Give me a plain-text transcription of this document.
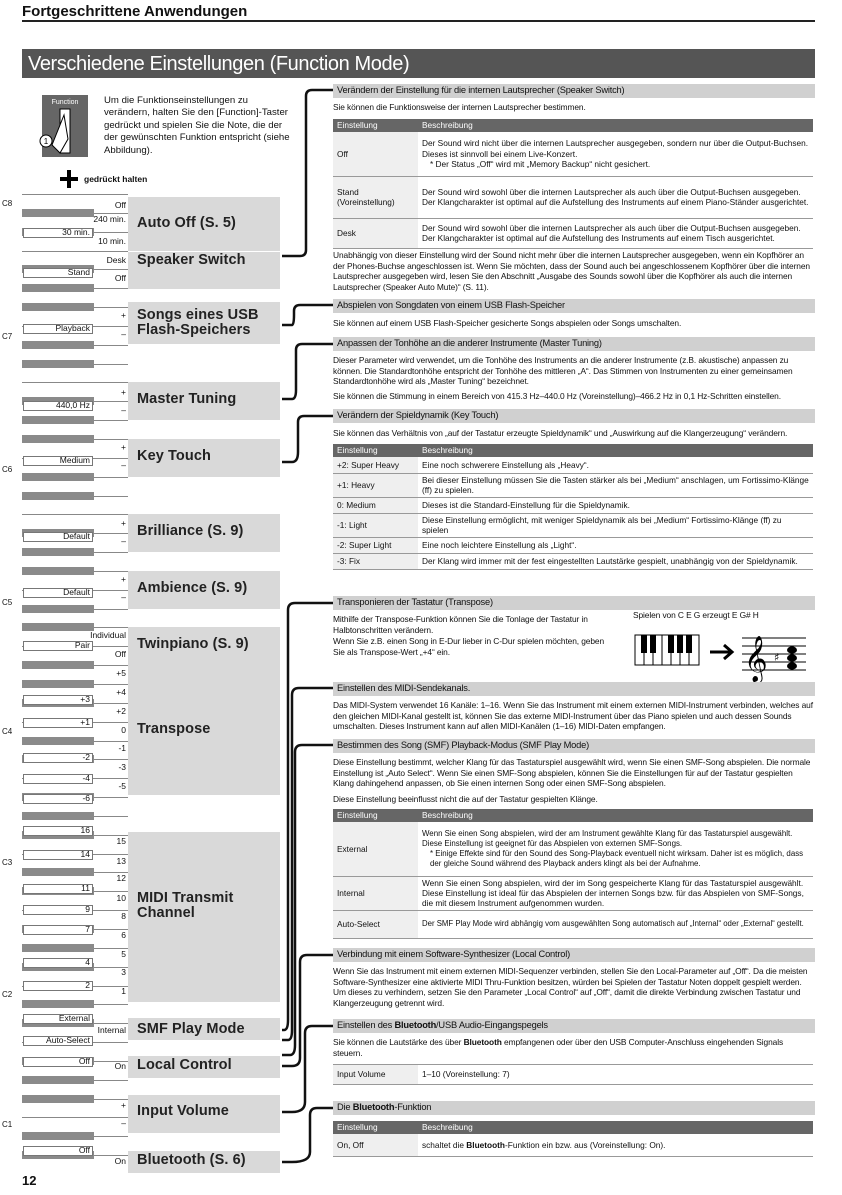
Fortgeschrittene Anwendungen
Verschiedene Einstellungen (Function Mode)
Function
1
Um die Funktionseinstellungen zu verändern, halten Sie den [Function]-Taster gedrückt und spielen Sie die Note, die der der gewünschten Funktion entspricht (siehe Abbildung).
gedrückt halten
C8
C7
C6
C5
C4
C3
C2
C1
Auto Off (S. 5)
Speaker Switch
Songs eines USB Flash-Speichers
Master Tuning
Key Touch
Brilliance (S. 9)
Ambience (S. 9)
Twinpiano (S. 9)
Transpose
MIDI Transmit Channel
SMF Play Mode
Local Control
Input Volume
Bluetooth (S. 6)
Off
240 min.
30 min.
10 min.
Desk
Stand
Off
+
Playback
–
+
440,0 Hz	–
+
Medium	–
+
Default	–
+
Default	–
Individual
Pair
Off
+5
+4
+3
+2
+1
0
-1
-2
-3
-4
-5
-6
16
15
14
13
12
11
10
9
8
7
6
5
4
3
2
1
External
Internal
Auto-Select
Off	On
+
–
Off
On
Verändern der Einstellung für die internen Lautsprecher (Speaker Switch)
Sie können die Funktionsweise der internen Lautsprecher bestimmen.
Einstellung	Beschreibung
Off	Der Sound wird nicht über die internen Lautsprecher ausgegeben, sondern nur über die Output-Buchsen. Dieses ist sinnvoll bei einem Live-Konzert.
* Der Status „Off“ wird mit „Memory Backup“ nicht gesichert.

Stand (Voreinstellung)	Der Sound wird sowohl über die internen Lautsprecher als auch über die Output-Buchsen ausgegeben. Der Klangcharakter ist optimal auf die Aufstellung des Instruments auf einem Piano-Ständer ausgerichtet.
Desk	Der Sound wird sowohl über die internen Lautsprecher als auch über die Output-Buchsen ausgegeben. Der Klangcharakter ist optimal auf die Aufstellung des Instruments auf einem Tisch ausgerichtet.
Unabhängig von dieser Einstellung wird der Sound nicht mehr über die internen Lautsprecher ausgegeben, wenn ein Kopfhörer an der Phones-Buchse angeschlossen ist. Wenn Sie möchten, dass der Sound auch bei angeschlossenem Kopfhörer über die internen Lautsprecher ausgegeben wird, lesen Sie den Abschnitt „Ausgabe des Sounds sowohl über die Kopfhörer als auch die internen Lautsprecher (Speaker Auto Mute)“ (S. 11).
Abspielen von Songdaten von einem USB Flash-Speicher
Sie können auf einem USB Flash-Speicher gesicherte Songs abspielen oder Songs umschalten.
Anpassen der Tonhöhe an die anderer Instrumente (Master Tuning)
Dieser Parameter wird verwendet, um die Tonhöhe des Instruments an die anderer Instrumente (z.B. akustische) anpassen zu können. Die Standardtonhöhe entspricht der Tonhöhe des mittleren „A“. Das Stimmen von Instrumenten zu einer gemeinsamen Standardtonhöhe wird als „Master Tuning“ bezeichnet.
Sie können die Stimmung in einem Bereich von 415.3 Hz–440.0 Hz (Voreinstellung)–466.2 Hz in 0,1 Hz-Schritten einstellen.
Verändern der Spieldynamik (Key Touch)
Sie können das Verhältnis von „auf der Tastatur erzeugte Spieldynamik“ und „Auswirkung auf die Klangerzeugung“ verändern.
Einstellung	Beschreibung
+2: Super Heavy	Eine noch schwerere Einstellung als „Heavy“.
+1: Heavy	Bei dieser Einstellung müssen Sie die Tasten stärker als bei „Medium“ anschlagen, um Fortissimo-Klänge (ff) zu spielen.
0: Medium	Dieses ist die Standard-Einstellung für die Spieldynamik.
-1: Light	Diese Einstellung ermöglicht, mit weniger Spieldynamik als bei „Medium“ Fortissimo-Klänge (ff) zu spielen
-2: Super Light	Eine noch leichtere Einstellung als „Light“.
-3: Fix	Der Klang wird immer mit der fest eingestellten Lautstärke gespielt, unabhängig von der Spieldynamik.
Transponieren der Tastatur (Transpose)
Mithilfe der Transpose-Funktion können Sie die Tonlage der Tastatur in Halbtonschritten verändern.
Wenn Sie z.B. einen Song in E-Dur lieber in C-Dur spielen möchten, geben Sie als Transpose-Wert „+4“ ein.
Spielen von C E G erzeugt E G# H
𝄞 ♯
Einstellen des MIDI-Sendekanals.
Das MIDI-System verwendet 16 Kanäle: 1–16. Wenn Sie das Instrument mit einem externen MIDI-Instrument verbinden, welches auf den gleichen MIDI-Kanal gestellt ist, können Sie das externe MIDI-Instrument über das Piano spielen und auch dessen Sounds umschalten. Dieses Instrument kann auf allen MIDI-Kanälen (1–16) MIDI-Daten empfangen.
Bestimmen des Song (SMF) Playback-Modus (SMF Play Mode)
Diese Einstellung bestimmt, welcher Klang für das Tastaturspiel ausgewählt wird, wenn Sie einen SMF-Song abspielen. Die normale Einstellung ist „Auto Select“. Wenn Sie einen SMF-Song abspielen, können Sie die Einstellungen für auf der Tastatur gespielten Klang dahingehend anpassen, ob Sie einen internen Song oder einen SMF-Song abspielen.
Diese Einstellung beeinflusst nicht die auf der Tastatur gespielten Klänge.
Einstellung	Beschreibung
External	Wenn Sie einen Song abspielen, wird der am Instrument gewählte Klang für das Tastaturspiel ausgewählt.
Diese Einstellung ist geeignet für das Abspielen von externen SMF-Songs.
* Einige Effekte sind für den Sound des Song-Playback eventuell nicht wirksam. Daher ist es möglich, dass der gleiche Sound während des Playback anders klingt als bei der Aufnahme.

Internal	Wenn Sie einen Song abspielen, wird der im Song gespeicherte Klang für das Tastaturspiel ausgewählt. Diese Einstellung ist ideal für das Abspielen der internen Songs bzw. für das Abspielen von SMF-Songs, die mit diesem Instrument aufgenommen wurden.
Auto-Select	Der SMF Play Mode wird abhängig vom ausgewählten Song automatisch auf „Internal“ oder „External“ gestellt.
Verbindung mit einem Software-Synthesizer (Local Control)
Wenn Sie das Instrument mit einem externen MIDI-Sequenzer verbinden, stellen Sie den Local-Parameter auf „Off“. Da die meisten Software-Synthesizer eine aktivierte MIDI Thru-Funktion besitzen, würden bei Spielen der Tastatur Noten doppelt gespielt werden. Um dieses zu verhindern, setzen Sie den Parameter „Local Control“ auf „Off“, damit die direkte Verbindung zwischen Tastatur und Klangerzeugung getrennt wird.
Einstellen des Bluetooth/USB Audio-Eingangspegels
Sie können die Lautstärke des über Bluetooth empfangenen oder über den USB Computer-Anschluss eingehenden Signals steuern.
Input Volume	1–10 (Voreinstellung: 7)
Die Bluetooth-Funktion
Einstellung	Beschreibung
On, Off	schaltet die Bluetooth-Funktion ein bzw. aus (Voreinstellung: On).
12
